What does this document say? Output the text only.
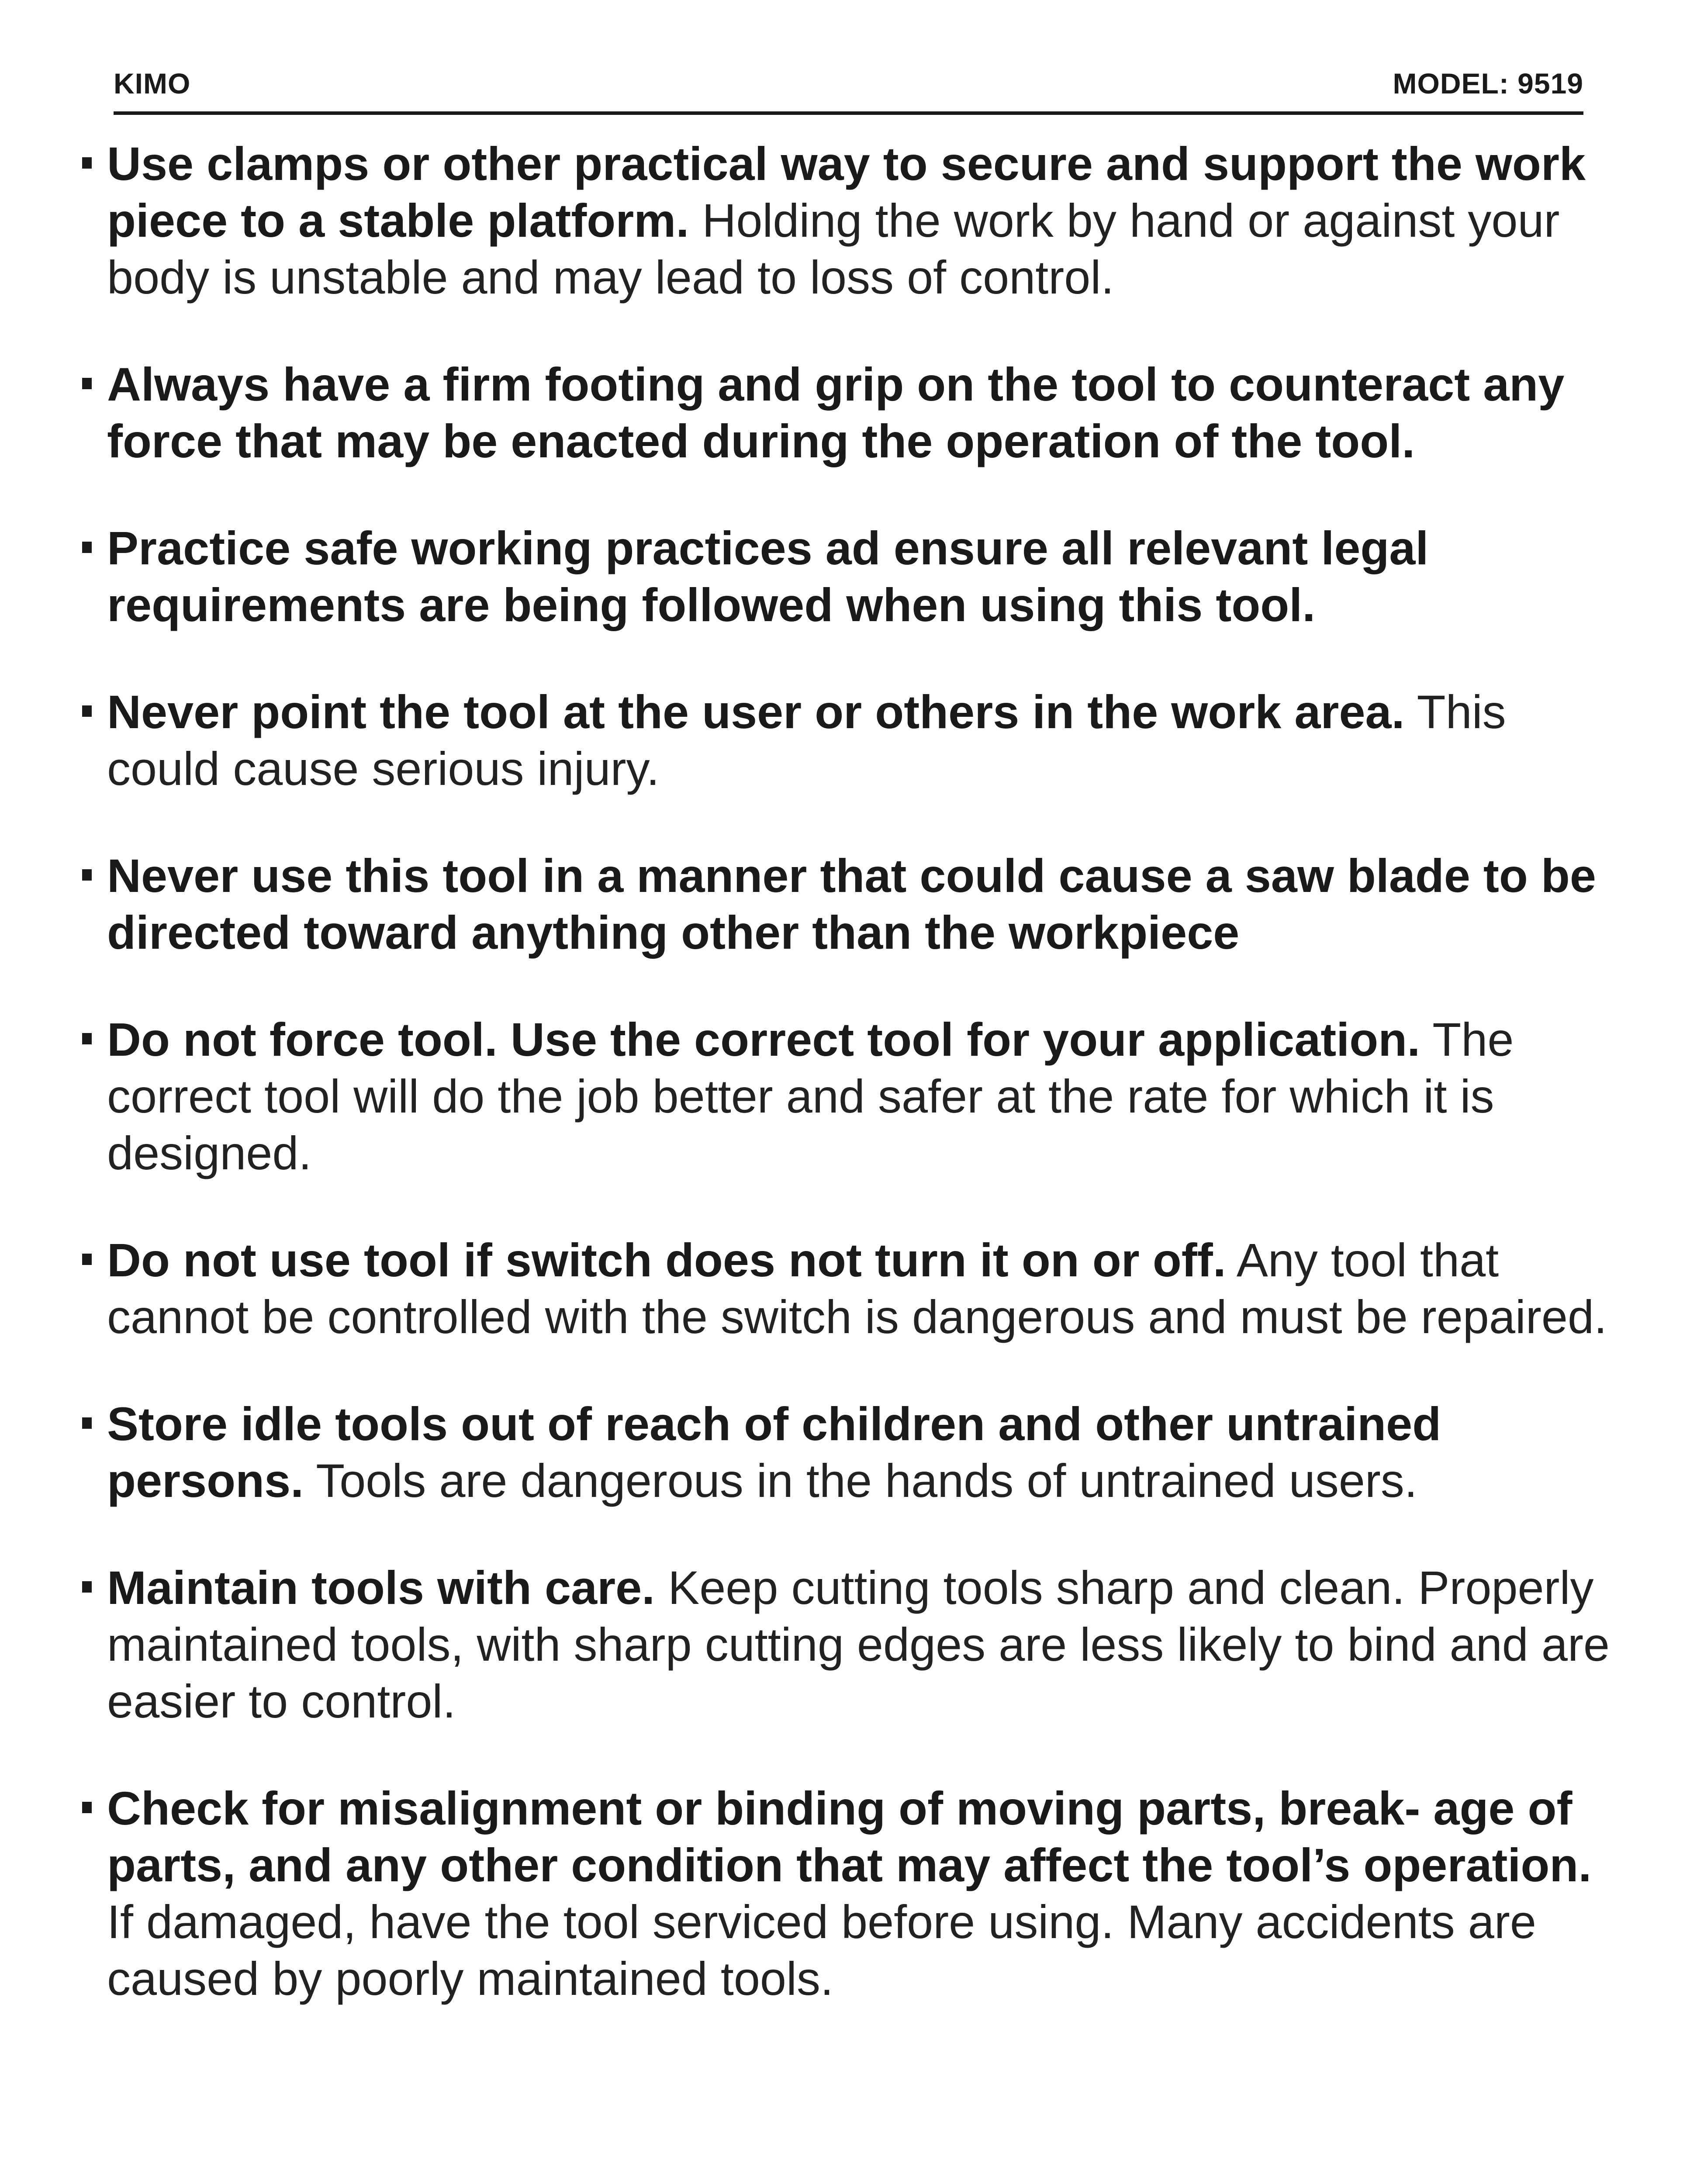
KIMO	MODEL: 9519
Use clamps or other practical way to secure and support the work piece to a stable platform. Holding the work by hand or against your body is unstable and may lead to loss of control.
Always have a firm footing and grip on the tool to counteract any force that may be enacted during the operation of the tool.
Practice safe working practices ad ensure all relevant legal requirements are being followed when using this tool.
Never point the tool at the user or others in the work area. This could cause serious injury.
Never use this tool in a manner that could cause a saw blade to be directed toward anything other than the workpiece
Do not force tool. Use the correct tool for your application. The correct tool will do the job better and safer at the rate for which it is designed.
Do not use tool if switch does not turn it on or off. Any tool that cannot be controlled with the switch is dangerous and must be repaired.
Store idle tools out of reach of children and other untrained persons. Tools are dangerous in the hands of untrained users.
Maintain tools with care. Keep cutting tools sharp and clean. Properly maintained tools, with sharp cutting edges are less likely to bind and are easier to control.
Check for misalignment or binding of moving parts, break- age of parts, and any other condition that may affect the tool’s operation. If damaged, have the tool serviced before using. Many accidents are caused by poorly maintained tools.
